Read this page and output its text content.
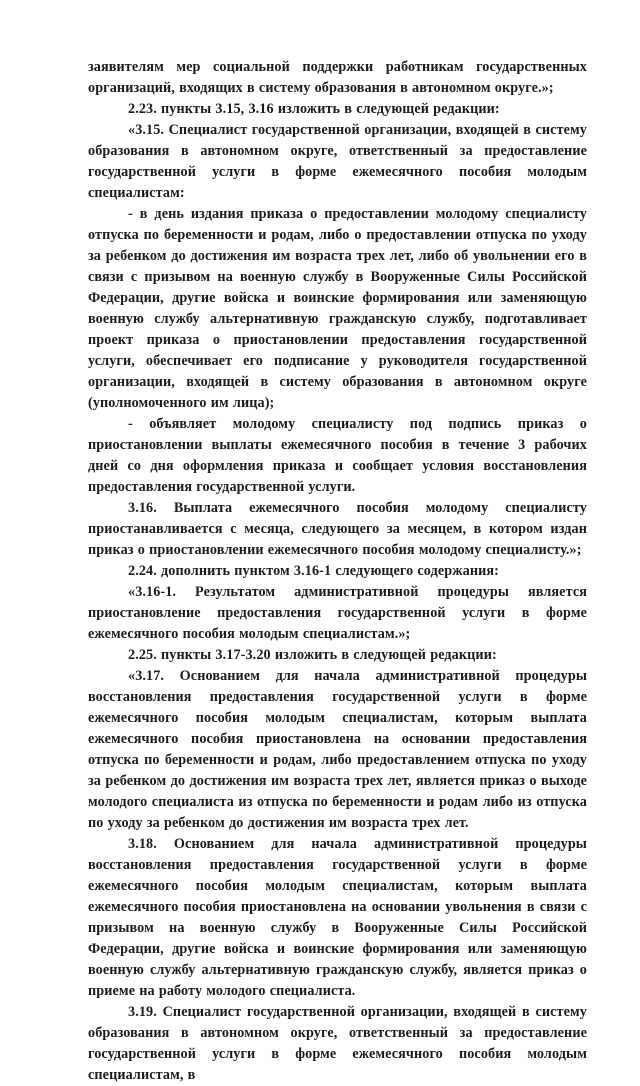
заявителям мер социальной поддержки работникам государственных организаций, входящих в систему образования в автономном округе.»;

2.23. пункты 3.15, 3.16 изложить в следующей редакции:

«3.15. Специалист государственной организации, входящей в систему образования в автономном округе, ответственный за предоставление государственной услуги в форме ежемесячного пособия молодым специалистам:

- в день издания приказа о предоставлении молодому специалисту отпуска по беременности и родам, либо о предоставлении отпуска по уходу за ребенком до достижения им возраста трех лет, либо об увольнении его в связи с призывом на военную службу в Вооруженные Силы Российской Федерации, другие войска и воинские формирования или заменяющую военную службу альтернативную гражданскую службу, подготавливает проект приказа о приостановлении предоставления государственной услуги, обеспечивает его подписание у руководителя государственной организации, входящей в систему образования в автономном округе (уполномоченного им лица);

- объявляет молодому специалисту под подпись приказ о приостановлении выплаты ежемесячного пособия в течение 3 рабочих дней со дня оформления приказа и сообщает условия восстановления предоставления государственной услуги.

3.16. Выплата ежемесячного пособия молодому специалисту приостанавливается с месяца, следующего за месяцем, в котором издан приказ о приостановлении ежемесячного пособия молодому специалисту.»;

2.24. дополнить пунктом 3.16-1 следующего содержания:

«3.16-1. Результатом административной процедуры является приостановление предоставления государственной услуги в форме ежемесячного пособия молодым специалистам.»;

2.25. пункты 3.17-3.20 изложить в следующей редакции:

«3.17. Основанием для начала административной процедуры восстановления предоставления государственной услуги в форме ежемесячного пособия молодым специалистам, которым выплата ежемесячного пособия приостановлена на основании предоставления отпуска по беременности и родам, либо предоставлением отпуска по уходу за ребенком до достижения им возраста трех лет, является приказ о выходе молодого специалиста из отпуска по беременности и родам либо из отпуска по уходу за ребенком до достижения им возраста трех лет.

3.18. Основанием для начала административной процедуры восстановления предоставления государственной услуги в форме ежемесячного пособия молодым специалистам, которым выплата ежемесячного пособия приостановлена на основании увольнения в связи с призывом на военную службу в Вооруженные Силы Российской Федерации, другие войска и воинские формирования или заменяющую военную службу альтернативную гражданскую службу, является приказ о приеме на работу молодого специалиста.

3.19. Специалист государственной организации, входящей в систему образования в автономном округе, ответственный за предоставление государственной услуги в форме ежемесячного пособия молодым специалистам, в
